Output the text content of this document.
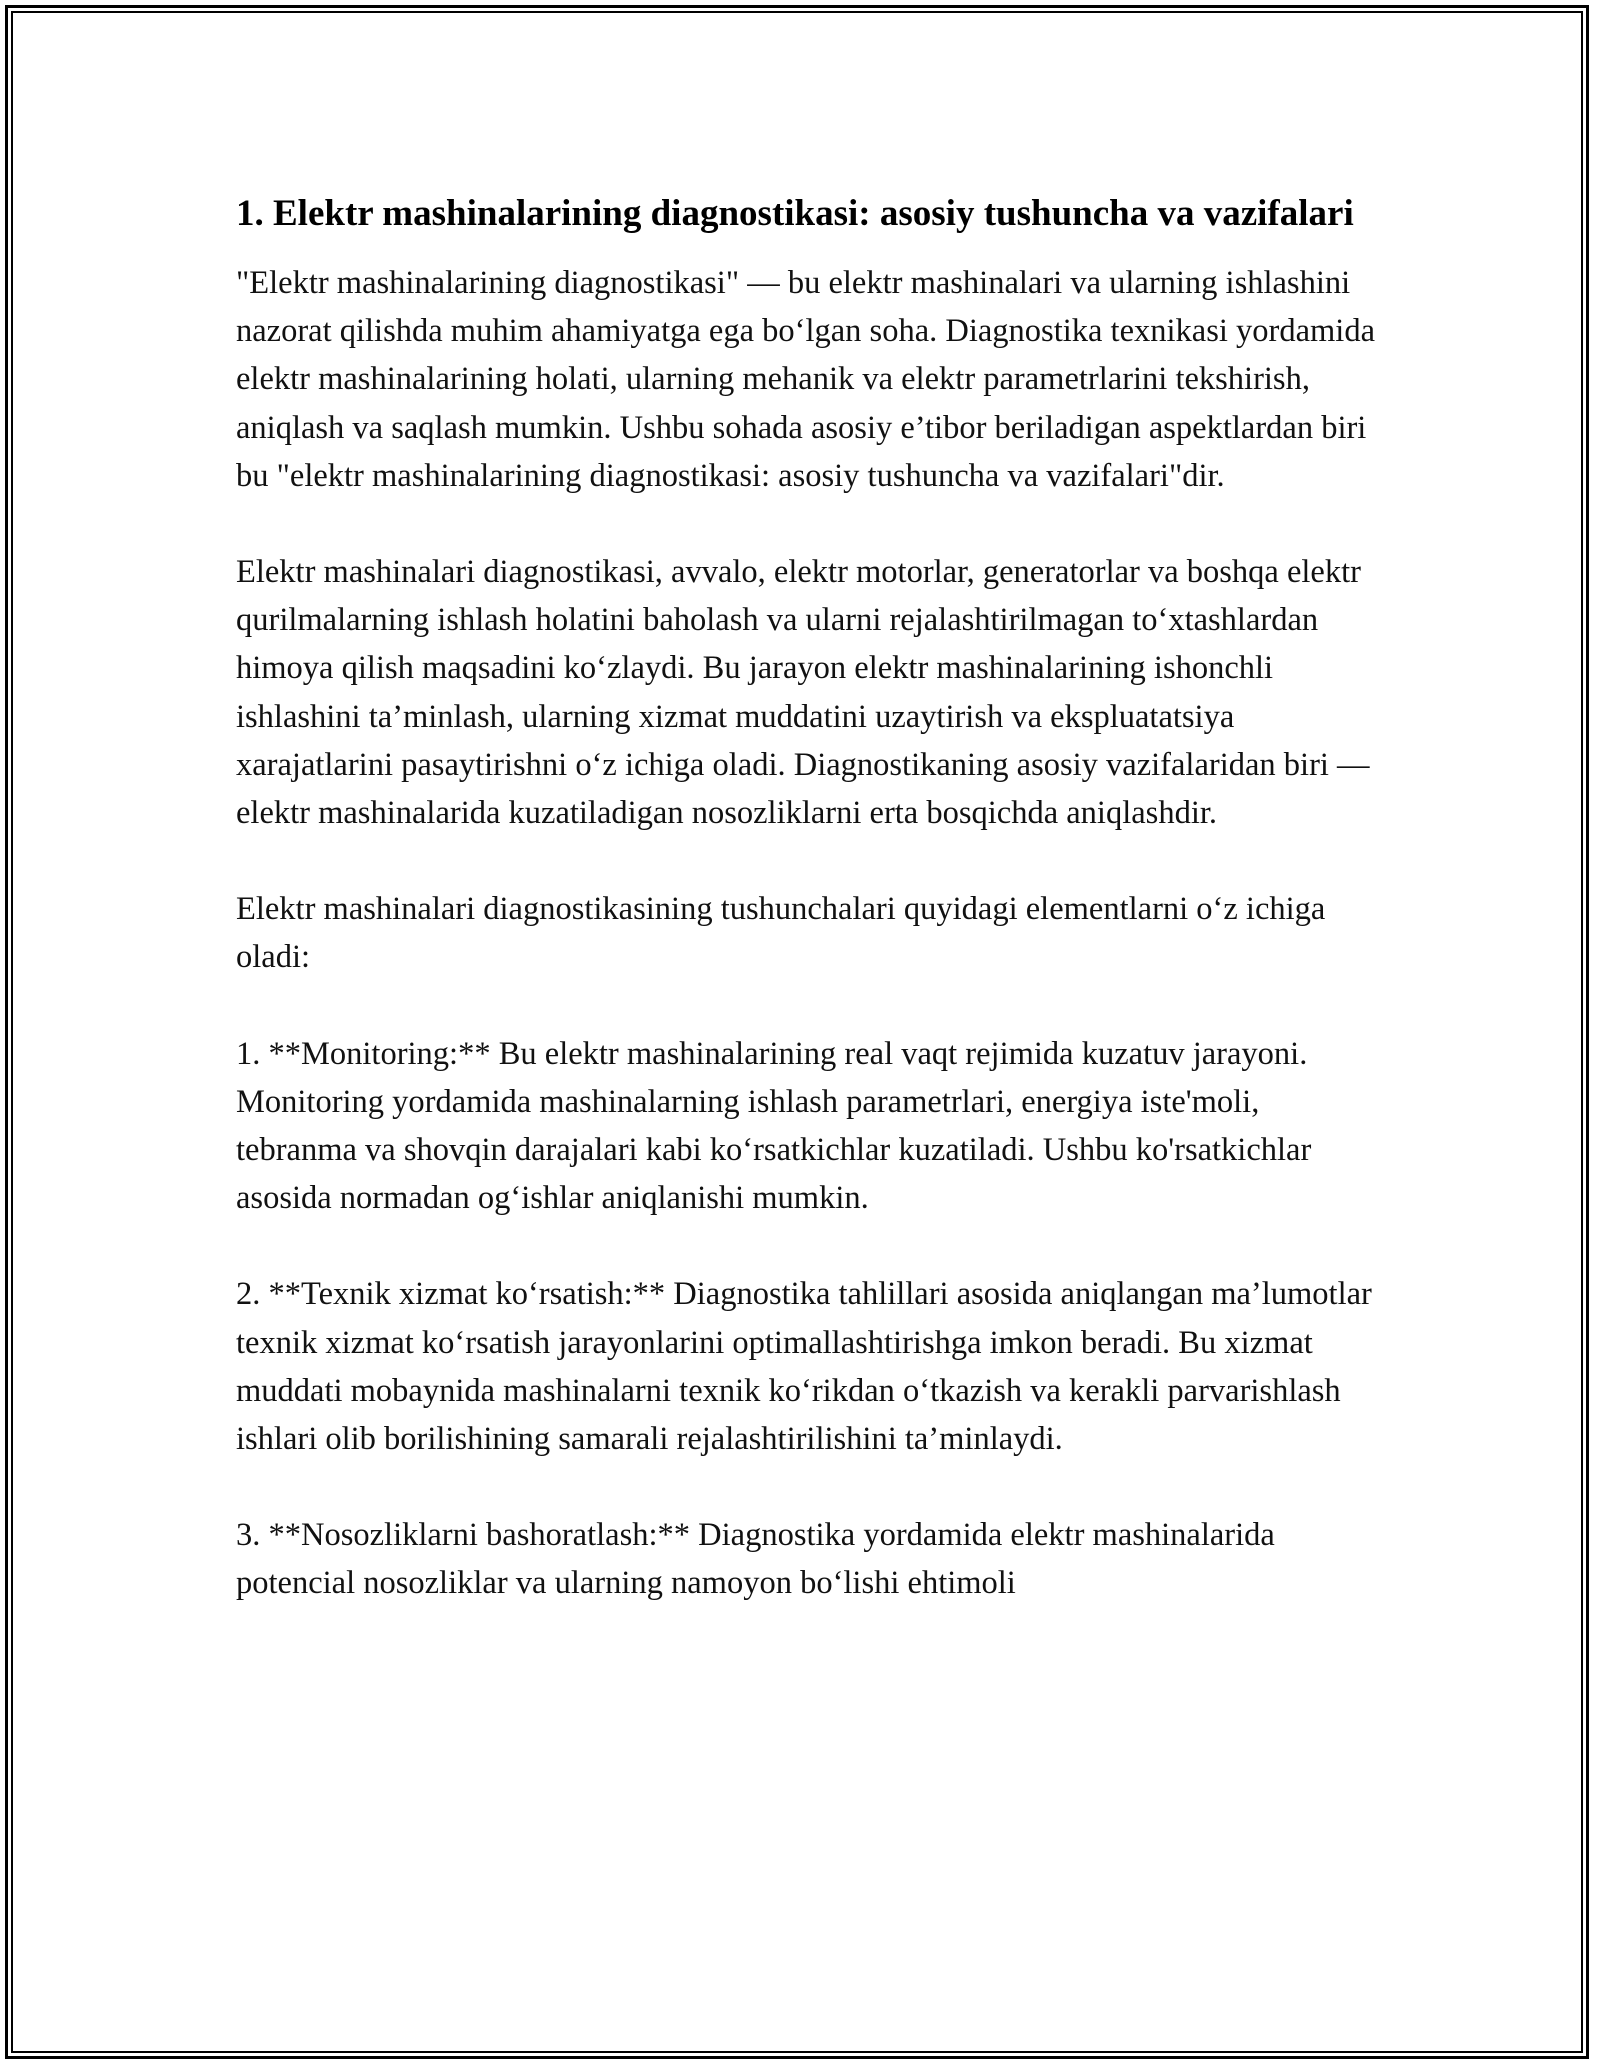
1. Elektr mashinalarining diagnostikasi: asosiy tushuncha va vazifalari

"Elektr mashinalarining diagnostikasi" — bu elektr mashinalari va ularning ishlashini nazorat qilishda muhim ahamiyatga ega boʻlgan soha. Diagnostika texnikasi yordamida elektr mashinalarining holati, ularning mehanik va elektr parametrlarini tekshirish, aniqlash va saqlash mumkin. Ushbu sohada asosiy e’tibor beriladigan aspektlardan biri bu "elektr mashinalarining diagnostikasi: asosiy tushuncha va vazifalari"dir.

Elektr mashinalari diagnostikasi, avvalo, elektr motorlar, generatorlar va boshqa elektr qurilmalarning ishlash holatini baholash va ularni rejalashtirilmagan toʻxtashlardan himoya qilish maqsadini koʻzlaydi. Bu jarayon elektr mashinalarining ishonchli ishlashini ta’minlash, ularning xizmat muddatini uzaytirish va ekspluatatsiya xarajatlarini pasaytirishni oʻz ichiga oladi. Diagnostikaning asosiy vazifalaridan biri — elektr mashinalarida kuzatiladigan nosozliklarni erta bosqichda aniqlashdir.

Elektr mashinalari diagnostikasining tushunchalari quyidagi elementlarni oʻz ichiga oladi:

1. **Monitoring:** Bu elektr mashinalarining real vaqt rejimida kuzatuv jarayoni. Monitoring yordamida mashinalarning ishlash parametrlari, energiya iste'moli, tebranma va shovqin darajalari kabi koʻrsatkichlar kuzatiladi. Ushbu ko'rsatkichlar asosida normadan ogʻishlar aniqlanishi mumkin.

2. **Texnik xizmat koʻrsatish:** Diagnostika tahlillari asosida aniqlangan ma’lumotlar texnik xizmat koʻrsatish jarayonlarini optimallashtirishga imkon beradi. Bu xizmat muddati mobaynida mashinalarni texnik koʻrikdan oʻtkazish va kerakli parvarishlash ishlari olib borilishining samarali rejalashtirilishini ta’minlaydi.

3. **Nosozliklarni bashoratlash:** Diagnostika yordamida elektr mashinalarida potencial nosozliklar va ularning namoyon boʻlishi ehtimoli
